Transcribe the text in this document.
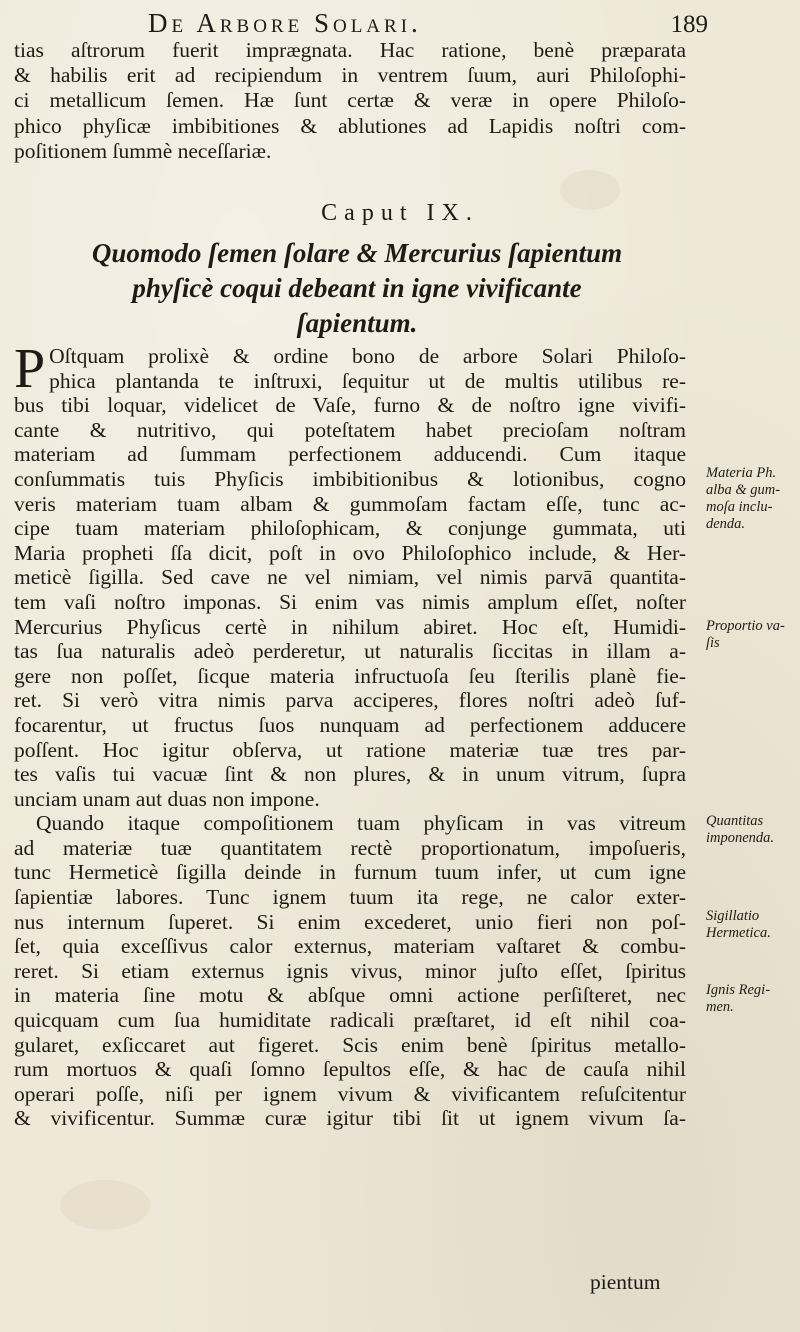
De Arbore Solari.	189
tias aſtrorum fuerit imprægnata. Hac ratione, benè præparata
& habilis erit ad recipiendum in ventrem ſuum, auri Philoſophi-
ci metallicum ſemen. Hæ ſunt certæ & veræ in opere Philoſo-
phico phyſicæ imbibitiones & ablutiones ad Lapidis noſtri com-
poſitionem ſummè neceſſariæ.
Caput IX.
Quomodo ſemen ſolare & Mercurius ſapientum
phyſicè coqui debeant in igne vivificante
ſapientum.
P Oſtquam prolixè & ordine bono de arbore Solari Philoſo-
phica plantanda te inſtruxi, ſequitur ut de multis utilibus re-
bus tibi loquar, videlicet de Vaſe, furno & de noſtro igne vivifi-
cante & nutritivo, qui poteſtatem habet precioſam noſtram
materiam ad ſummam perfectionem adducendi. Cum itaque
conſummatis tuis Phyſicis imbibitionibus & lotionibus, cogno
veris materiam tuam albam & gummoſam factam eſſe, tunc ac-
cipe tuam materiam philoſophicam, & conjunge gummata, uti
Maria propheti ſſa dicit, poſt in ovo Philoſophico include, & Her-
meticè ſigilla. Sed cave ne vel nimiam, vel nimis parvā quantita-
tem vaſi noſtro imponas. Si enim vas nimis amplum eſſet, noſter
Mercurius Phyſicus certè in nihilum abiret. Hoc eſt, Humidi-
tas ſua naturalis adeò perderetur, ut naturalis ſiccitas in illam a-
gere non poſſet, ſicque materia infructuoſa ſeu ſterilis planè fie-
ret. Si verò vitra nimis parva acciperes, flores noſtri adeò ſuf-
focarentur, ut fructus ſuos nunquam ad perfectionem adducere
poſſent. Hoc igitur obſerva, ut ratione materiæ tuæ tres par-
tes vaſis tui vacuæ ſint & non plures, & in unum vitrum, ſupra
unciam unam aut duas non impone.
Quando itaque compoſitionem tuam phyſicam in vas vitreum
ad materiæ tuæ quantitatem rectè proportionatum, impoſueris,
tunc Hermeticè ſigilla deinde in furnum tuum infer, ut cum igne
ſapientiæ labores. Tunc ignem tuum ita rege, ne calor exter-
nus internum ſuperet. Si enim excederet, unio fieri non poſ-
ſet, quia exceſſivus calor externus, materiam vaſtaret & combu-
reret. Si etiam externus ignis vivus, minor juſto eſſet, ſpiritus
in materia ſine motu & abſque omni actione perſiſteret, nec
quicquam cum ſua humiditate radicali præſtaret, id eſt nihil coa-
gularet, exſiccaret aut figeret. Scis enim benè ſpiritus metallo-
rum mortuos & quaſi ſomno ſepultos eſſe, & hac de cauſa nihil
operari poſſe, niſi per ignem vivum & vivificantem reſuſcitentur
& vivificentur. Summæ curæ igitur tibi ſit ut ignem vivum ſa-
pientum
Materia Ph.
alba & gum-
moſa inclu-
denda.
Proportio va-
ſis
Quantitas
imponenda.
Sigillatio
Hermetica.
Ignis Regi-
men.
